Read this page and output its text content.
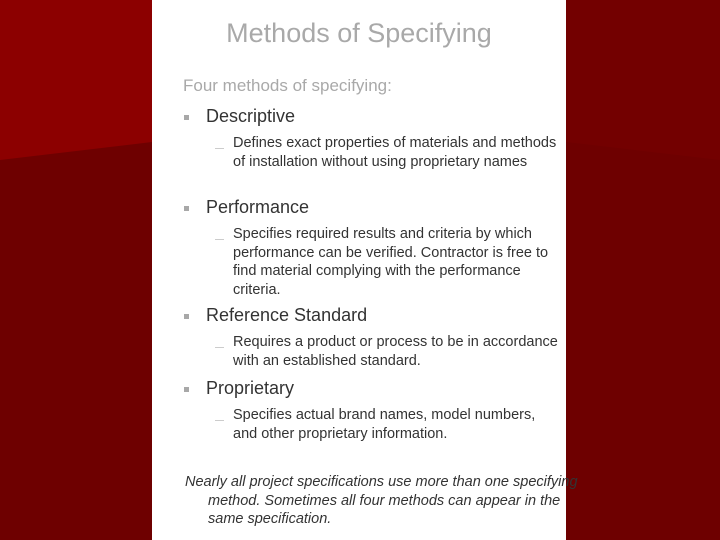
Methods of Specifying

Four methods of specifying:

Descriptive
Defines exact properties of materials and methods of installation without using proprietary names
Performance
Specifies required results and criteria by which performance can be verified. Contractor is free to find material complying with the performance criteria.
Reference Standard
Requires a product or process to be in accordance with an established standard.
Proprietary
Specifies actual brand names, model numbers, and other proprietary information.
Nearly all project specifications use more than one specifying method. Sometimes all four methods can appear in the same specification.
